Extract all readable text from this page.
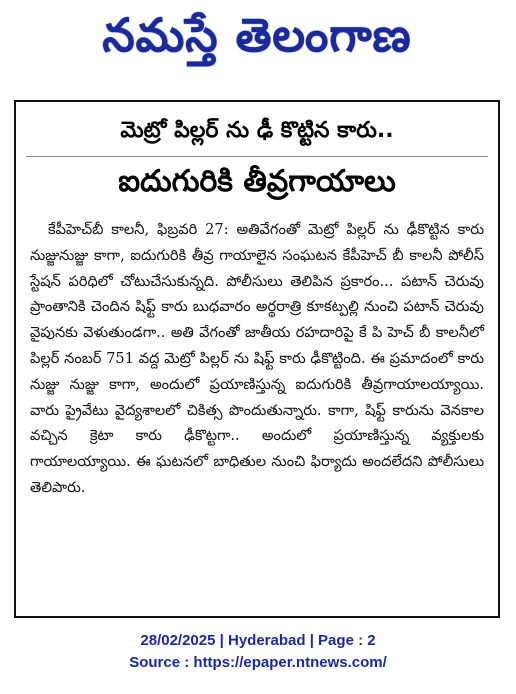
నమస్తే తెలంగాణ
మెట్రో పిల్లర్ ను ఢీ కొట్టిన కారు..
ఐదుగురికి తీవ్రగాయాలు
కేపీహెచ్‌బీ కాలనీ, ఫిబ్రవరి 27: అతివేగంతో మెట్రో పిల్లర్ ను ఢీకొట్టిన కారు నుజ్జునుజ్జు కాగా, ఐదుగురికి తీవ్ర గాయాలైన సంఘటన కేపీహెచ్ బీ కాలనీ పోలీస్ స్టేషన్ పరిధిలో చోటుచేసుకున్నది. పోలీసులు తెలిపిన ప్రకారం... పటాన్ చెరువు ప్రాంతానికి చెందిన షిఫ్ట్ కారు బుధవారం అర్థరాత్రి కూకట్పల్లి నుంచి పటాన్ చెరువు వైపునకు వెళుతుండగా.. అతి వేగంతో జాతీయ రహదారిపై కే పి హెచ్ బీ కాలనీలో పిల్లర్ నంబర్ 751 వద్ద మెట్రో పిల్లర్ ను షిఫ్ట్ కారు ఢీకొట్టింది. ఈ ప్రమాదంలో కారు నుజ్జు నుజ్జు కాగా, అందులో ప్రయాణిస్తున్న ఐదుగురికి తీవ్రగాయాలయ్యాయి. వారు ప్రైవేటు వైద్యశాలలో చికిత్స పొందుతున్నారు. కాగా, షిఫ్ట్ కారును వెనకాల వచ్చిన క్రెటా కారు ఢీకొట్టగా.. అందులో ప్రయాణిస్తున్న వ్యక్తులకు గాయాలయ్యాయి. ఈ ఘటనలో బాధితుల నుంచి ఫిర్యాదు అందలేదని పోలీసులు తెలిపారు.
28/02/2025 | Hyderabad | Page : 2
Source : https://epaper.ntnews.com/
